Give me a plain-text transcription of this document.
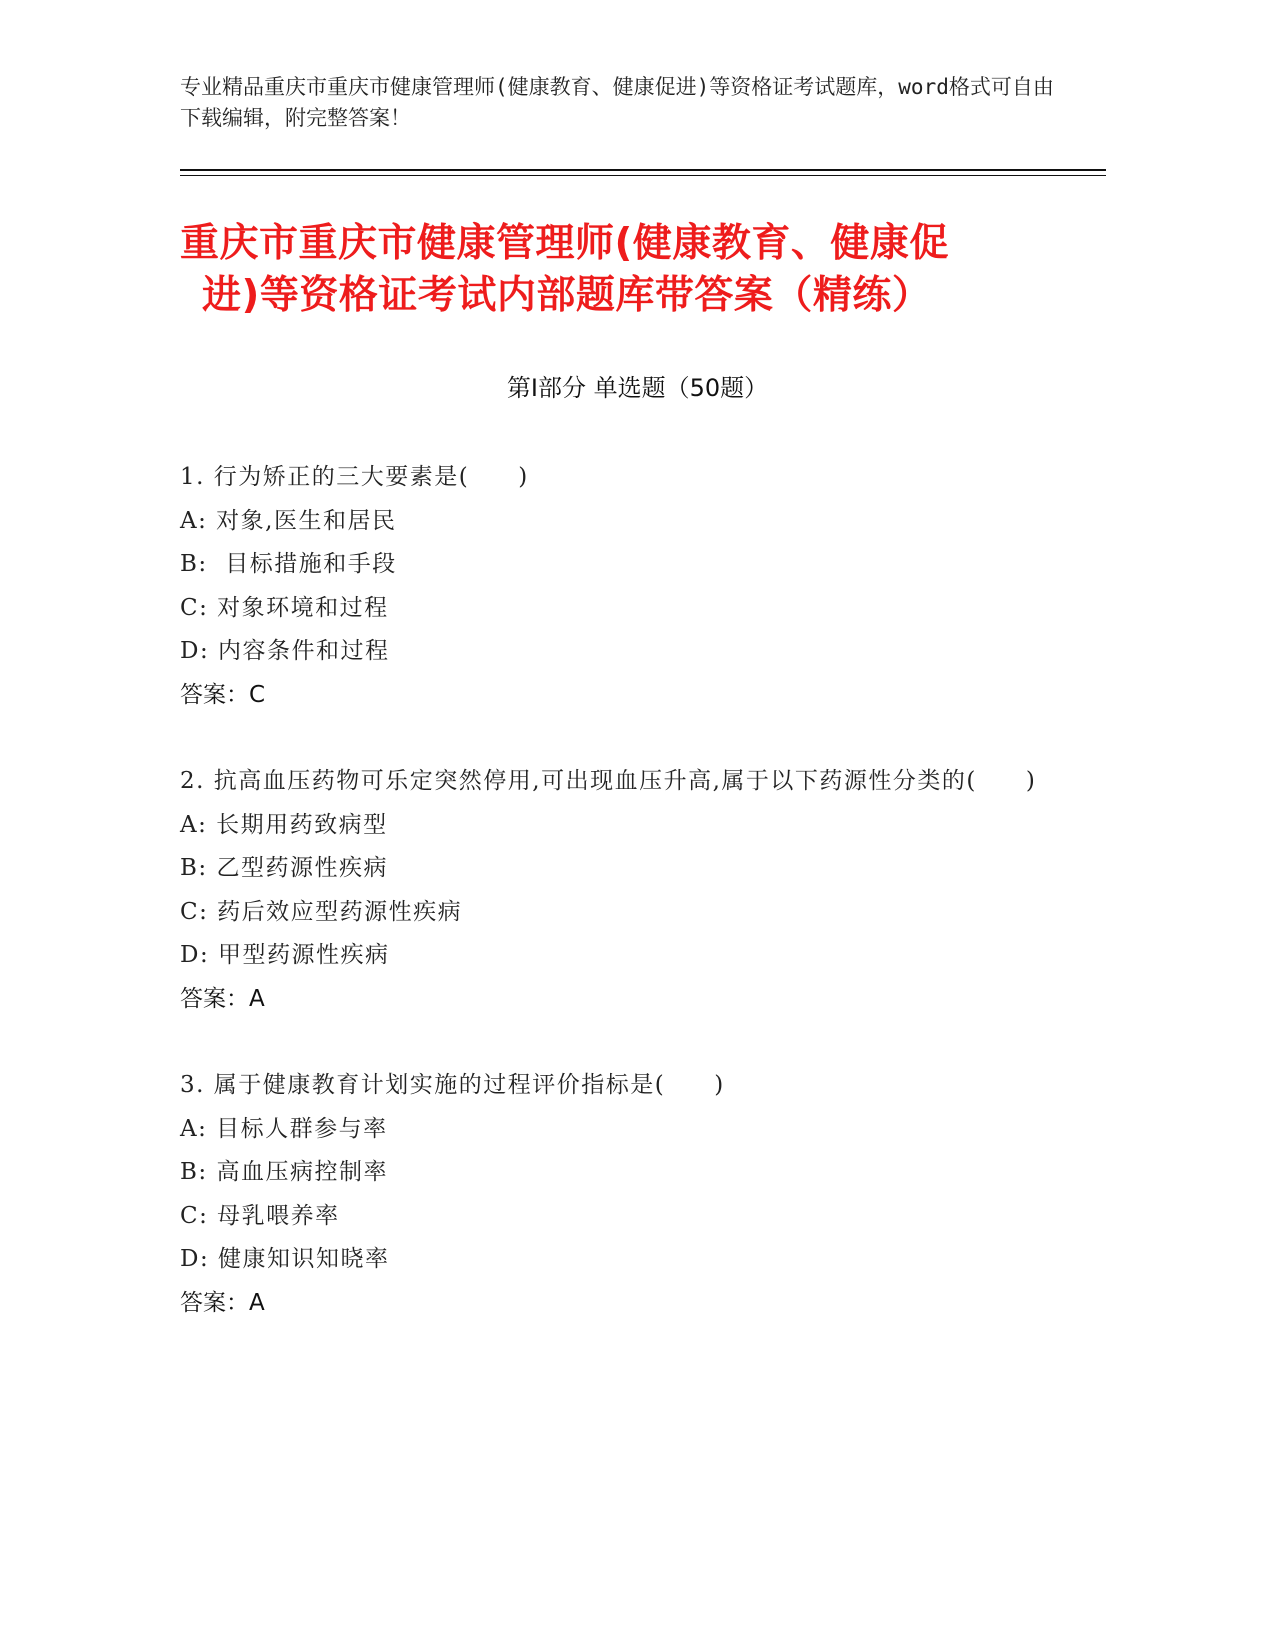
专业精品重庆市重庆市健康管理师(健康教育、健康促进)等资格证考试题库，word格式可自由下载编辑，附完整答案！
重庆市重庆市健康管理师(健康教育、健康促
进)等资格证考试内部题库带答案（精练）
第Ⅰ部分 单选题（50题）
1. 行为矫正的三大要素是(　　)
A: 对象,医生和居民
B:  目标措施和手段
C: 对象环境和过程
D: 内容条件和过程
答案：C
2. 抗高血压药物可乐定突然停用,可出现血压升高,属于以下药源性分类的(　　)
A: 长期用药致病型
B: 乙型药源性疾病
C: 药后效应型药源性疾病
D: 甲型药源性疾病
答案：A
3. 属于健康教育计划实施的过程评价指标是(　　)
A: 目标人群参与率
B: 高血压病控制率
C: 母乳喂养率
D: 健康知识知晓率
答案：A
